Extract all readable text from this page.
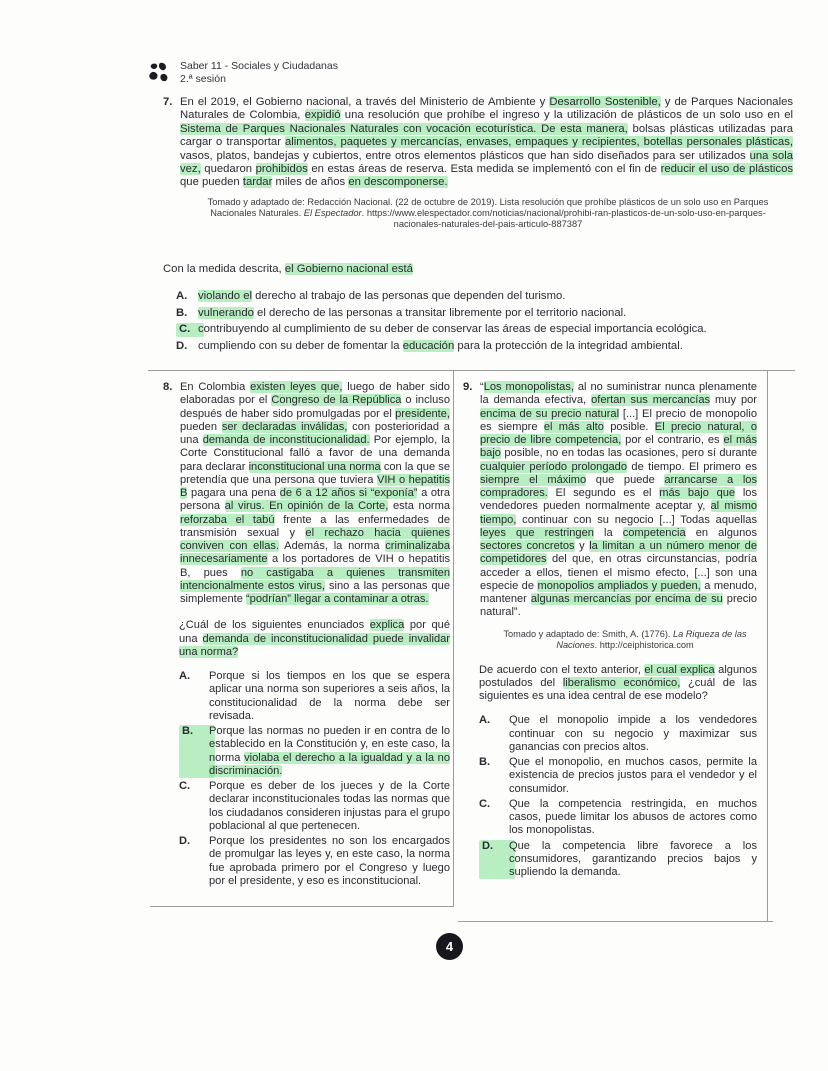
Saber 11 - Sociales y Ciudadanas
2.ª sesión
7. En el 2019, el Gobierno nacional, a través del Ministerio de Ambiente y Desarrollo Sostenible, y de Parques Nacionales Naturales de Colombia, expidió una resolución que prohíbe el ingreso y la utilización de plásticos de un solo uso en el Sistema de Parques Nacionales Naturales con vocación ecoturística. De esta manera, bolsas plásticas utilizadas para cargar o transportar alimentos, paquetes y mercancías, envases, empaques y recipientes, botellas personales plásticas, vasos, platos, bandejas y cubiertos, entre otros elementos plásticos que han sido diseñados para ser utilizados una sola vez, quedaron prohibidos en estas áreas de reserva. Esta medida se implementó con el fin de reducir el uso de plásticos que pueden tardar miles de años en descomponerse.
Tomado y adaptado de: Redacción Nacional. (22 de octubre de 2019). Lista resolución que prohíbe plásticos de un solo uso en Parques Nacionales Naturales. El Espectador. https://www.elespectador.com/noticias/nacional/prohibi-ran-plasticos-de-un-solo-uso-en-parques-nacionales-naturales-del-pais-articulo-887387
Con la medida descrita, el Gobierno nacional está
A. violando el derecho al trabajo de las personas que dependen del turismo.
B. vulnerando el derecho de las personas a transitar libremente por el territorio nacional.
C. contribuyendo al cumplimiento de su deber de conservar las áreas de especial importancia ecológica.
D. cumpliendo con su deber de fomentar la educación para la protección de la integridad ambiental.
8. En Colombia existen leyes que, luego de haber sido elaboradas por el Congreso de la República o incluso después de haber sido promulgadas por el presidente, pueden ser declaradas inválidas, con posterioridad a una demanda de inconstitucionalidad. Por ejemplo, la Corte Constitucional falló a favor de una demanda para declarar inconstitucional una norma con la que se pretendía que una persona que tuviera VIH o hepatitis B pagara una pena de 6 a 12 años si “exponía” a otra persona al virus. En opinión de la Corte, esta norma reforzaba el tabú frente a las enfermedades de transmisión sexual y el rechazo hacia quienes conviven con ellas. Además, la norma criminalizaba innecesariamente a los portadores de VIH o hepatitis B, pues no castigaba a quienes transmiten intencionalmente estos virus, sino a las personas que simplemente “podrían” llegar a contaminar a otras.
¿Cuál de los siguientes enunciados explica por qué una demanda de inconstitucionalidad puede invalidar una norma?
A.	Porque si los tiempos en los que se espera aplicar una norma son superiores a seis años, la constitucionalidad de la norma debe ser revisada.
B.	Porque las normas no pueden ir en contra de lo establecido en la Constitución y, en este caso, la norma violaba el derecho a la igualdad y a la no discriminación.
C.	Porque es deber de los jueces y de la Corte declarar inconstitucionales todas las normas que los ciudadanos consideren injustas para el grupo poblacional al que pertenecen.
D.	Porque los presidentes no son los encargados de promulgar las leyes y, en este caso, la norma fue aprobada primero por el Congreso y luego por el presidente, y eso es inconstitucional.
9. “Los monopolistas, al no suministrar nunca plenamente la demanda efectiva, ofertan sus mercancías muy por encima de su precio natural [...] El precio de monopolio es siempre el más alto posible. El precio natural, o precio de libre competencia, por el contrario, es el más bajo posible, no en todas las ocasiones, pero sí durante cualquier período prolongado de tiempo. El primero es siempre el máximo que puede arrancarse a los compradores. El segundo es el más bajo que los vendedores pueden normalmente aceptar y, al mismo tiempo, continuar con su negocio [...] Todas aquellas leyes que restringen la competencia en algunos sectores concretos y la limitan a un número menor de competidores del que, en otras circunstancias, podría acceder a ellos, tienen el mismo efecto, [...] son una especie de monopolios ampliados y pueden, a menudo, mantener algunas mercancías por encima de su precio natural”.
Tomado y adaptado de: Smith, A. (1776). La Riqueza de las Naciones. http://ceiphistorica.com
De acuerdo con el texto anterior, el cual explica algunos postulados del liberalismo económico, ¿cuál de las siguientes es una idea central de ese modelo?
A.	Que el monopolio impide a los vendedores continuar con su negocio y maximizar sus ganancias con precios altos.
B.	Que el monopolio, en muchos casos, permite la existencia de precios justos para el vendedor y el consumidor.
C.	Que la competencia restringida, en muchos casos, puede limitar los abusos de actores como los monopolistas.
D.	Que la competencia libre favorece a los consumidores, garantizando precios bajos y supliendo la demanda.
4
